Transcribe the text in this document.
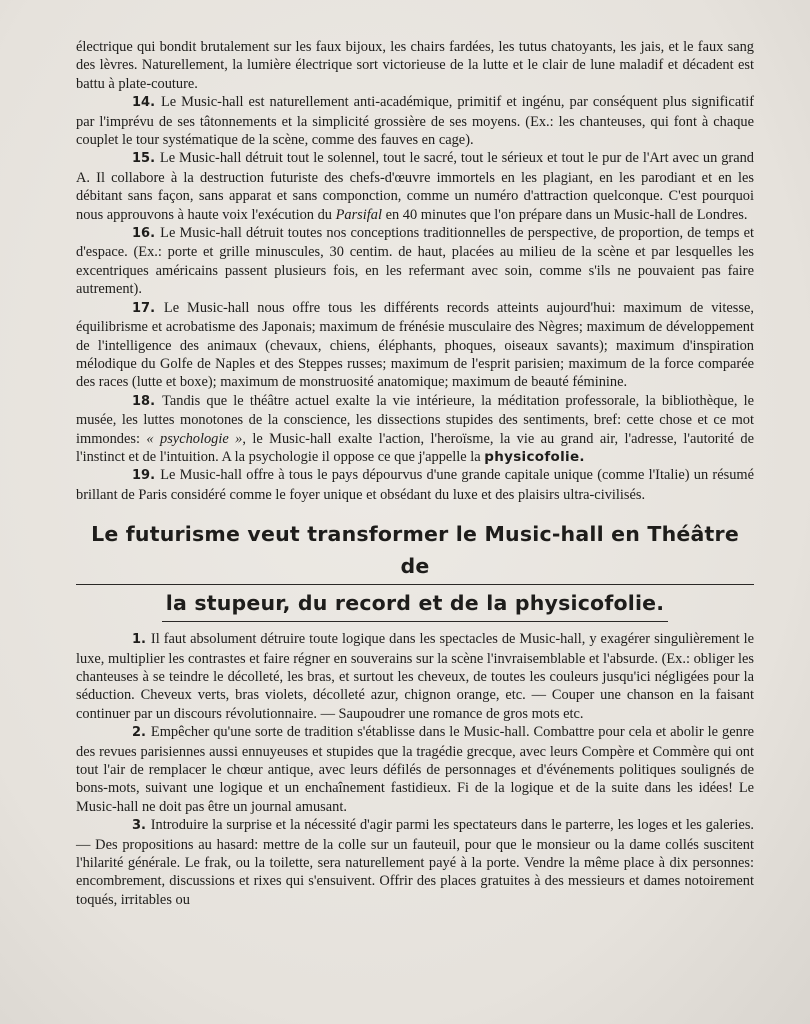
électrique qui bondit brutalement sur les faux bijoux, les chairs fardées, les tutus chatoyants, les jais, et le faux sang des lèvres. Naturellement, la lumière électrique sort victorieuse de la lutte et le clair de lune maladif et décadent est battu à plate-couture.

14 . Le Music-hall est naturellement anti-académique, primitif et ingénu, par conséquent plus significatif par l'imprévu de ses tâtonnements et la simplicité grossière de ses moyens. (Ex.: les chanteuses, qui font à chaque couplet le tour systématique de la scène, comme des fauves en cage).

15 . Le Music-hall détruit tout le solennel, tout le sacré, tout le sérieux et tout le pur de l'Art avec un grand A. Il collabore à la destruction futuriste des chefs-d'œuvre immortels en les plagiant, en les parodiant et en les débitant sans façon, sans apparat et sans componction, comme un numéro d'attraction quelconque. C'est pourquoi nous approuvons à haute voix l'exécution du Parsifal en 40 minutes que l'on prépare dans un Music-hall de Londres.

16 . Le Music-hall détruit toutes nos conceptions traditionnelles de perspective, de proportion, de temps et d'espace. (Ex.: porte et grille minuscules, 30 centim. de haut, placées au milieu de la scène et par lesquelles les excentriques américains passent plusieurs fois, en les refermant avec soin, comme s'ils ne pouvaient pas faire autrement).

17 . Le Music-hall nous offre tous les différents records atteints aujourd'hui: maximum de vitesse, équilibrisme et acrobatisme des Japonais; maximum de frénésie musculaire des Nègres; maximum de développement de l'intelligence des animaux (chevaux, chiens, éléphants, phoques, oiseaux savants); maximum d'inspiration mélodique du Golfe de Naples et des Steppes russes; maximum de l'esprit parisien; maximum de la force comparée des races (lutte et boxe); maximum de monstruosité anatomique; maximum de beauté féminine.

18 . Tandis que le théâtre actuel exalte la vie intérieure, la méditation professorale, la bibliothèque, le musée, les luttes monotones de la conscience, les dissections stupides des sentiments, bref: cette chose et ce mot immondes: « psychologie », le Music-hall exalte l'action, l'heroïsme, la vie au grand air, l'adresse, l'autorité de l'instinct et de l'intuition. A la psychologie il oppose ce que j'appelle la physicofolie.

19 . Le Music-hall offre à tous le pays dépourvus d'une grande capitale unique (comme l'Italie) un résumé brillant de Paris considéré comme le foyer unique et obsédant du luxe et des plaisirs ultra-civilisés.

Le futurisme veut transformer le Music-hall en Théâtre de
la stupeur, du record et de la physicofolie.

1 . Il faut absolument détruire toute logique dans les spectacles de Music-hall, y exagérer singulièrement le luxe, multiplier les contrastes et faire régner en souverains sur la scène l'invraisemblable et l'absurde. (Ex.: obliger les chanteuses à se teindre le décolleté, les bras, et surtout les cheveux, de toutes les couleurs jusqu'ici négligées pour la séduction. Cheveux verts, bras violets, décolleté azur, chignon orange, etc. — Couper une chanson en la faisant continuer par un discours révolutionnaire. — Saupoudrer une romance de gros mots etc.

2 . Empêcher qu'une sorte de tradition s'établisse dans le Music-hall. Combattre pour cela et abolir le genre des revues parisiennes aussi ennuyeuses et stupides que la tragédie grecque, avec leurs Compère et Commère qui ont tout l'air de remplacer le chœur antique, avec leurs défilés de personnages et d'événements politiques soulignés de bons-mots, suivant une logique et un enchaînement fastidieux. Fi de la logique et de la suite dans les idées! Le Music-hall ne doit pas être un journal amusant.

3 . Introduire la surprise et la nécessité d'agir parmi les spectateurs dans le parterre, les loges et les galeries. — Des propositions au hasard: mettre de la colle sur un fauteuil, pour que le monsieur ou la dame collés suscitent l'hilarité générale. Le frak, ou la toilette, sera naturellement payé à la porte. Vendre la même place à dix personnes: encombrement, discussions et rixes qui s'ensuivent. Offrir des places gratuites à des messieurs et dames notoirement toqués, irritables ou
